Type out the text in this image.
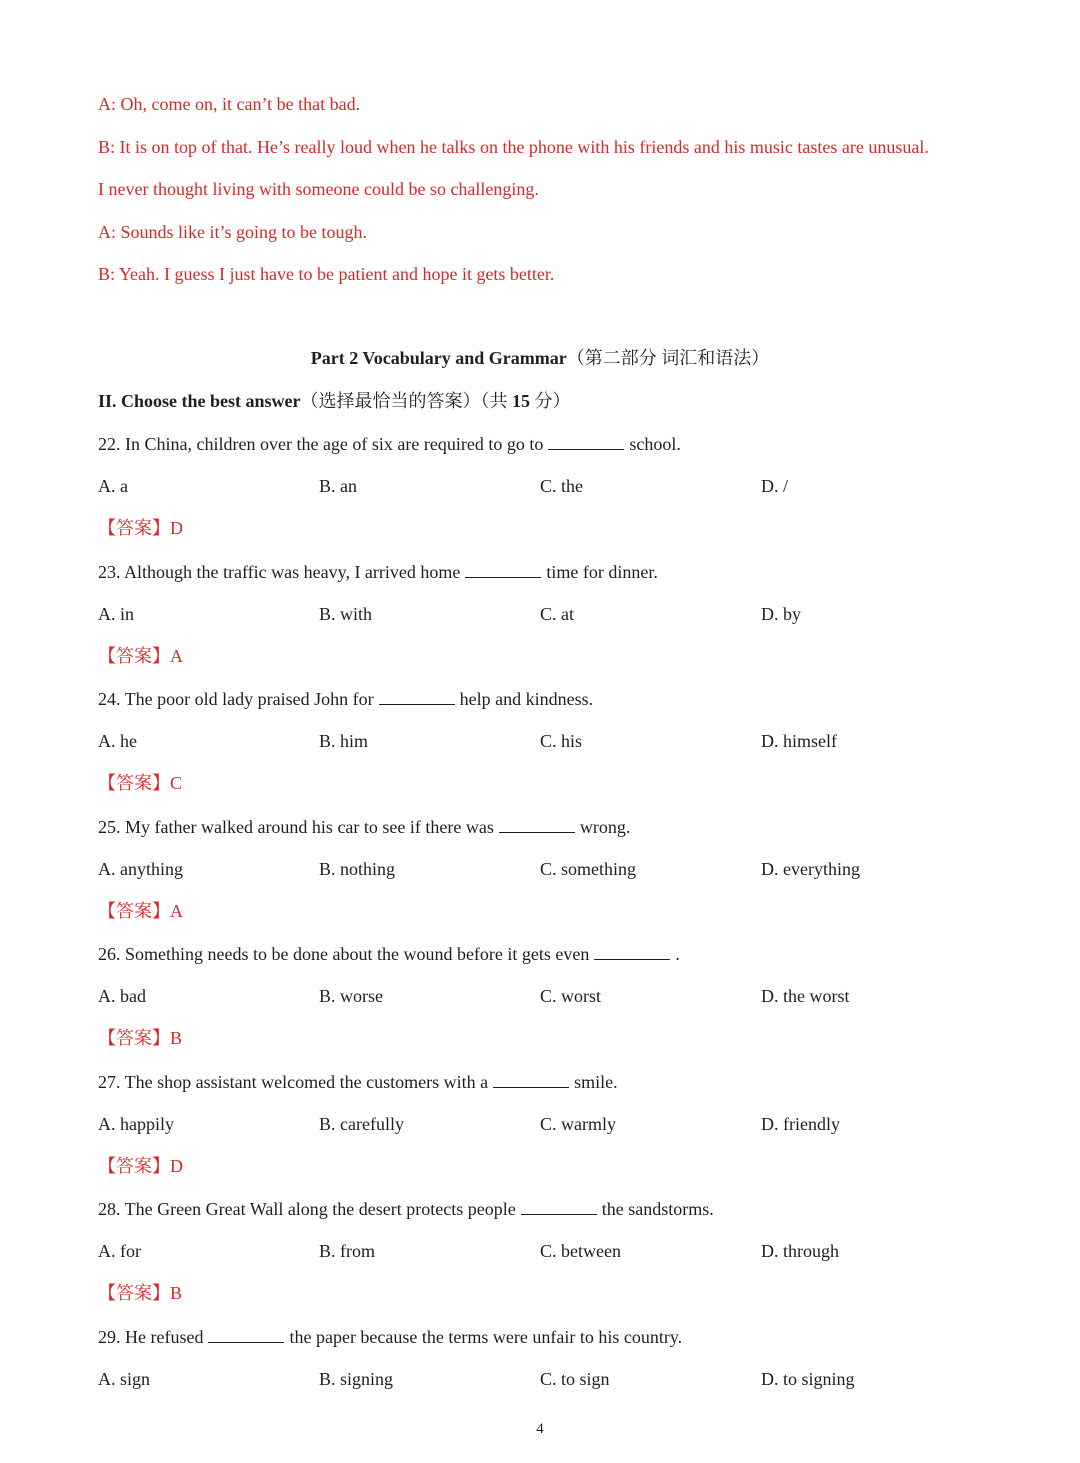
A: Oh, come on, it can’t be that bad.
B: It is on top of that. He’s really loud when he talks on the phone with his friends and his music tastes are unusual.
I never thought living with someone could be so challenging.
A: Sounds like it’s going to be tough.
B: Yeah. I guess I just have to be patient and hope it gets better.
Part 2 Vocabulary and Grammar（第二部分 词汇和语法）
II. Choose the best answer（选择最恰当的答案）（共 15 分）
22. In China, children over the age of six are required to go to	school.
A. a	B. an	C. the	D. /
【答案】D
23. Although the traffic was heavy, I arrived home	time for dinner.
A. in	B. with	C. at	D. by
【答案】A
24. The poor old lady praised John for	help and kindness.
A. he	B. him	C. his	D. himself
【答案】C
25. My father walked around his car to see if there was	wrong.
A. anything	B. nothing	C. something	D. everything
【答案】A
26. Something needs to be done about the wound before it gets even	.
A. bad	B. worse	C. worst	D. the worst
【答案】B
27. The shop assistant welcomed the customers with a	smile.
A. happily	B. carefully	C. warmly	D. friendly
【答案】D
28. The Green Great Wall along the desert protects people	the sandstorms.
A. for	B. from	C. between	D. through
【答案】B
29. He refused	the paper because the terms were unfair to his country.
A. sign	B. signing	C. to sign	D. to signing
4
